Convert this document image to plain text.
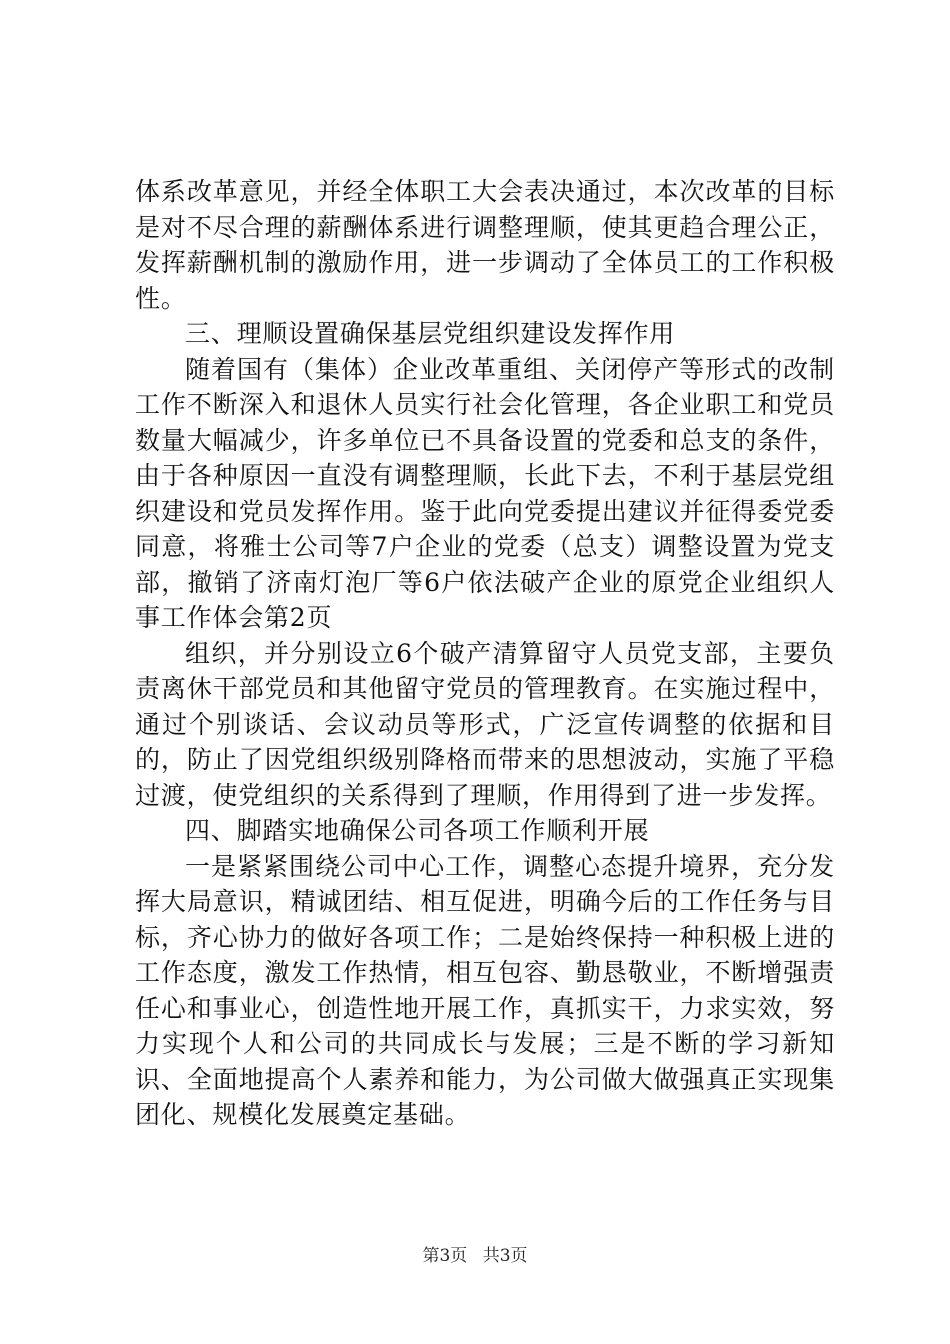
体系改革意见，并经全体职工大会表决通过，本次改革的目标是对不尽合理的薪酬体系进行调整理顺，使其更趋合理公正，发挥薪酬机制的激励作用，进一步调动了全体员工的工作积极性。

三、理顺设置确保基层党组织建设发挥作用

随着国有（集体）企业改革重组、关闭停产等形式的改制工作不断深入和退休人员实行社会化管理，各企业职工和党员数量大幅减少，许多单位已不具备设置的党委和总支的条件，由于各种原因一直没有调整理顺，长此下去，不利于基层党组织建设和党员发挥作用。鉴于此向党委提出建议并征得委党委同意，将雅士公司等7户企业的党委（总支）调整设置为党支部，撤销了济南灯泡厂等6户依法破产企业的原党企业组织人事工作体会第2页

组织，并分别设立6个破产清算留守人员党支部，主要负责离休干部党员和其他留守党员的管理教育。在实施过程中，通过个别谈话、会议动员等形式，广泛宣传调整的依据和目的，防止了因党组织级别降格而带来的思想波动，实施了平稳过渡，使党组织的关系得到了理顺，作用得到了进一步发挥。

四、脚踏实地确保公司各项工作顺利开展

一是紧紧围绕公司中心工作，调整心态提升境界，充分发挥大局意识，精诚团结、相互促进，明确今后的工作任务与目标，齐心协力的做好各项工作；二是始终保持一种积极上进的工作态度，激发工作热情，相互包容、勤恳敬业，不断增强责任心和事业心，创造性地开展工作，真抓实干，力求实效，努力实现个人和公司的共同成长与发展；三是不断的学习新知识、全面地提高个人素养和能力，为公司做大做强真正实现集团化、规模化发展奠定基础。

第3页 共3页
